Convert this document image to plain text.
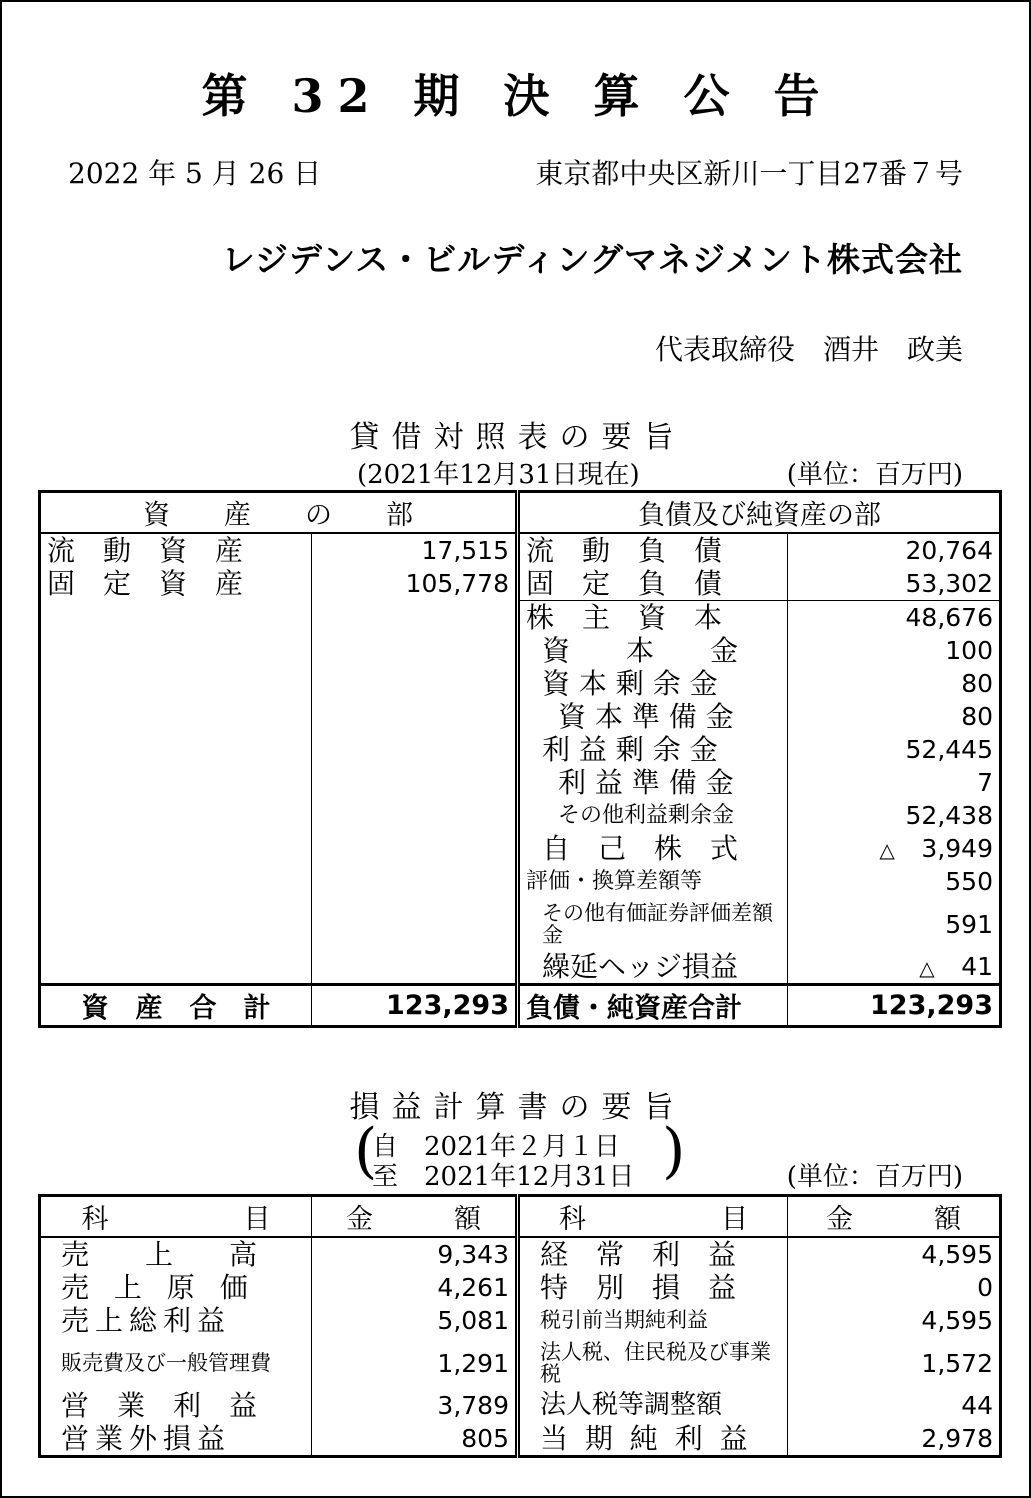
第 32 期 決 算 公 告
2022 年 5 月 26 日	東京都中央区新川一丁目27番７号
レジデンス・ビルディングマネジメント株式会社
代表取締役　酒井　政美
貸借対照表の要旨
(2021年12月31日現在)	(単位：百万円)
資　　産　　の　　部		負債及び純資産の部	
流　動　資　産	17,515	流　動　負　債	20,764
固　定　資　産	105,778	固　定　負　債	53,302
		株　主　資　本	48,676
		資　　本　　金	100
		資 本 剰 余 金	80
		資 本 準 備 金	80
		利 益 剰 余 金	52,445
		利 益 準 備 金	7
		その他利益剰余金	52,438
		自　己　株　式	△ 3,949
		評価・換算差額等	550
		その他有価証券評価差額金	591
		繰延ヘッジ損益	△ 41
資　産　合　計	123,293	負債・純資産合計	123,293
損益計算書の要旨
(
自　2021年２月１日
至　2021年12月31日 )	(単位：百万円)
科　　　　　目	金　　　額	科　　　　　目	金　　　額
売　　上　　高	9,343	経　常　利　益	4,595
売 上 原 価	4,261	特　別　損　益	0
売上総利益	5,081	税引前当期純利益	4,595
販売費及び一般管理費	1,291	法人税、住民税及び事業税	1,572
営　業　利　益	3,789	法人税等調整額	44
営業外損益	805	当 期 純 利 益	2,978
